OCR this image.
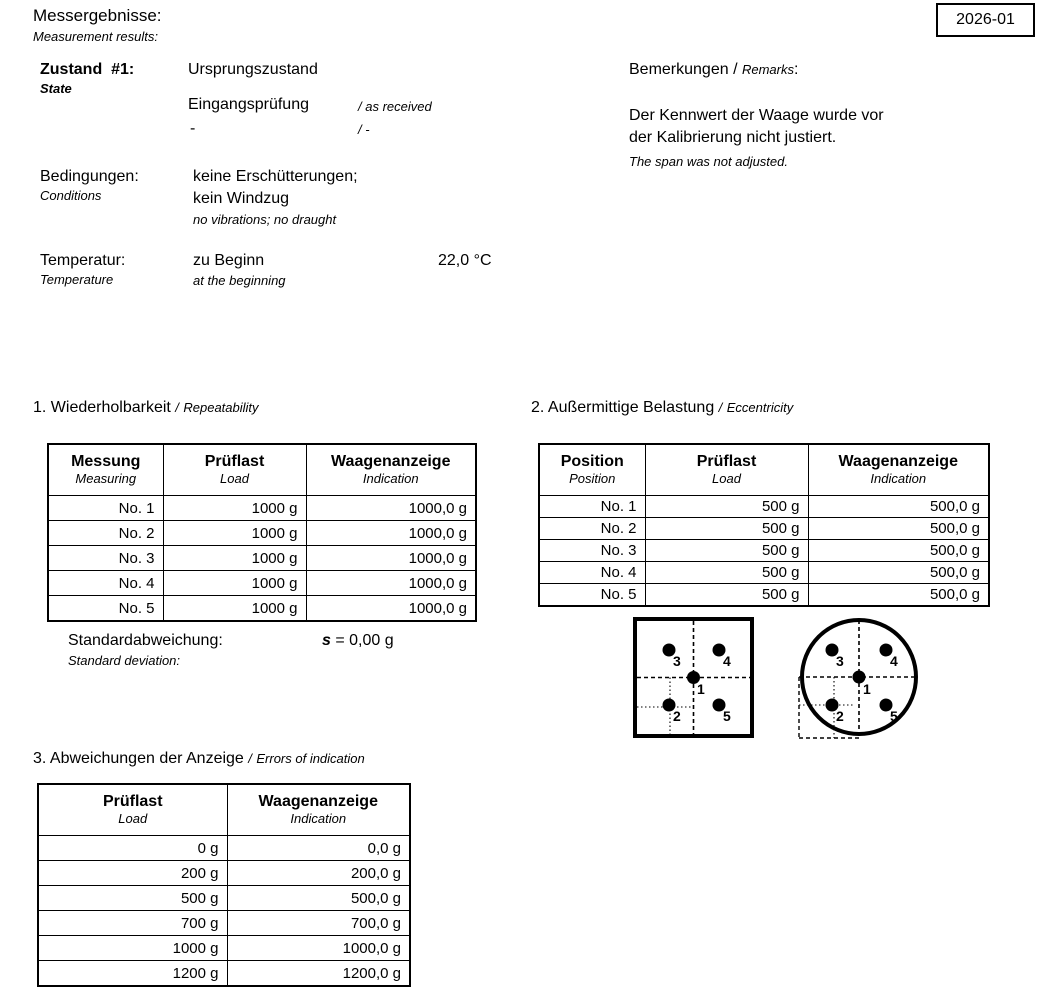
Messergebnisse:
Measurement results:
2026-01
Zustand  #1:
State
Ursprungszustand
Eingangsprüfung	/ as received
-	/ -
Bemerkungen / Remarks:
Der Kennwert der Waage wurde vor
der Kalibrierung nicht justiert.
The span was not adjusted.
Bedingungen:
Conditions
keine Erschütterungen;
kein Windzug
no vibrations; no draught
Temperatur:
Temperature
zu Beginn
at the beginning
22,0 °C
1. Wiederholbarkeit / Repeatability
Messung
Measuring

Prüflast
Load

Waagenanzeige
Indication

No. 1	1000 g	1000,0 g
No. 2	1000 g	1000,0 g
No. 3	1000 g	1000,0 g
No. 4	1000 g	1000,0 g
No. 5	1000 g	1000,0 g
Standardabweichung:
Standard deviation:
s = 0,00 g
2. Außermittige Belastung / Eccentricity
Position
Position

Prüflast
Load

Waagenanzeige
Indication

No. 1	500 g	500,0 g
No. 2	500 g	500,0 g
No. 3	500 g	500,0 g
No. 4	500 g	500,0 g
No. 5	500 g	500,0 g
1
2
3	4
5
1
2
3	4
5
3. Abweichungen der Anzeige / Errors of indication
Prüflast
Load

Waagenanzeige
Indication

0 g	0,0 g
200 g	200,0 g
500 g	500,0 g
700 g	700,0 g
1000 g	1000,0 g
1200 g	1200,0 g
